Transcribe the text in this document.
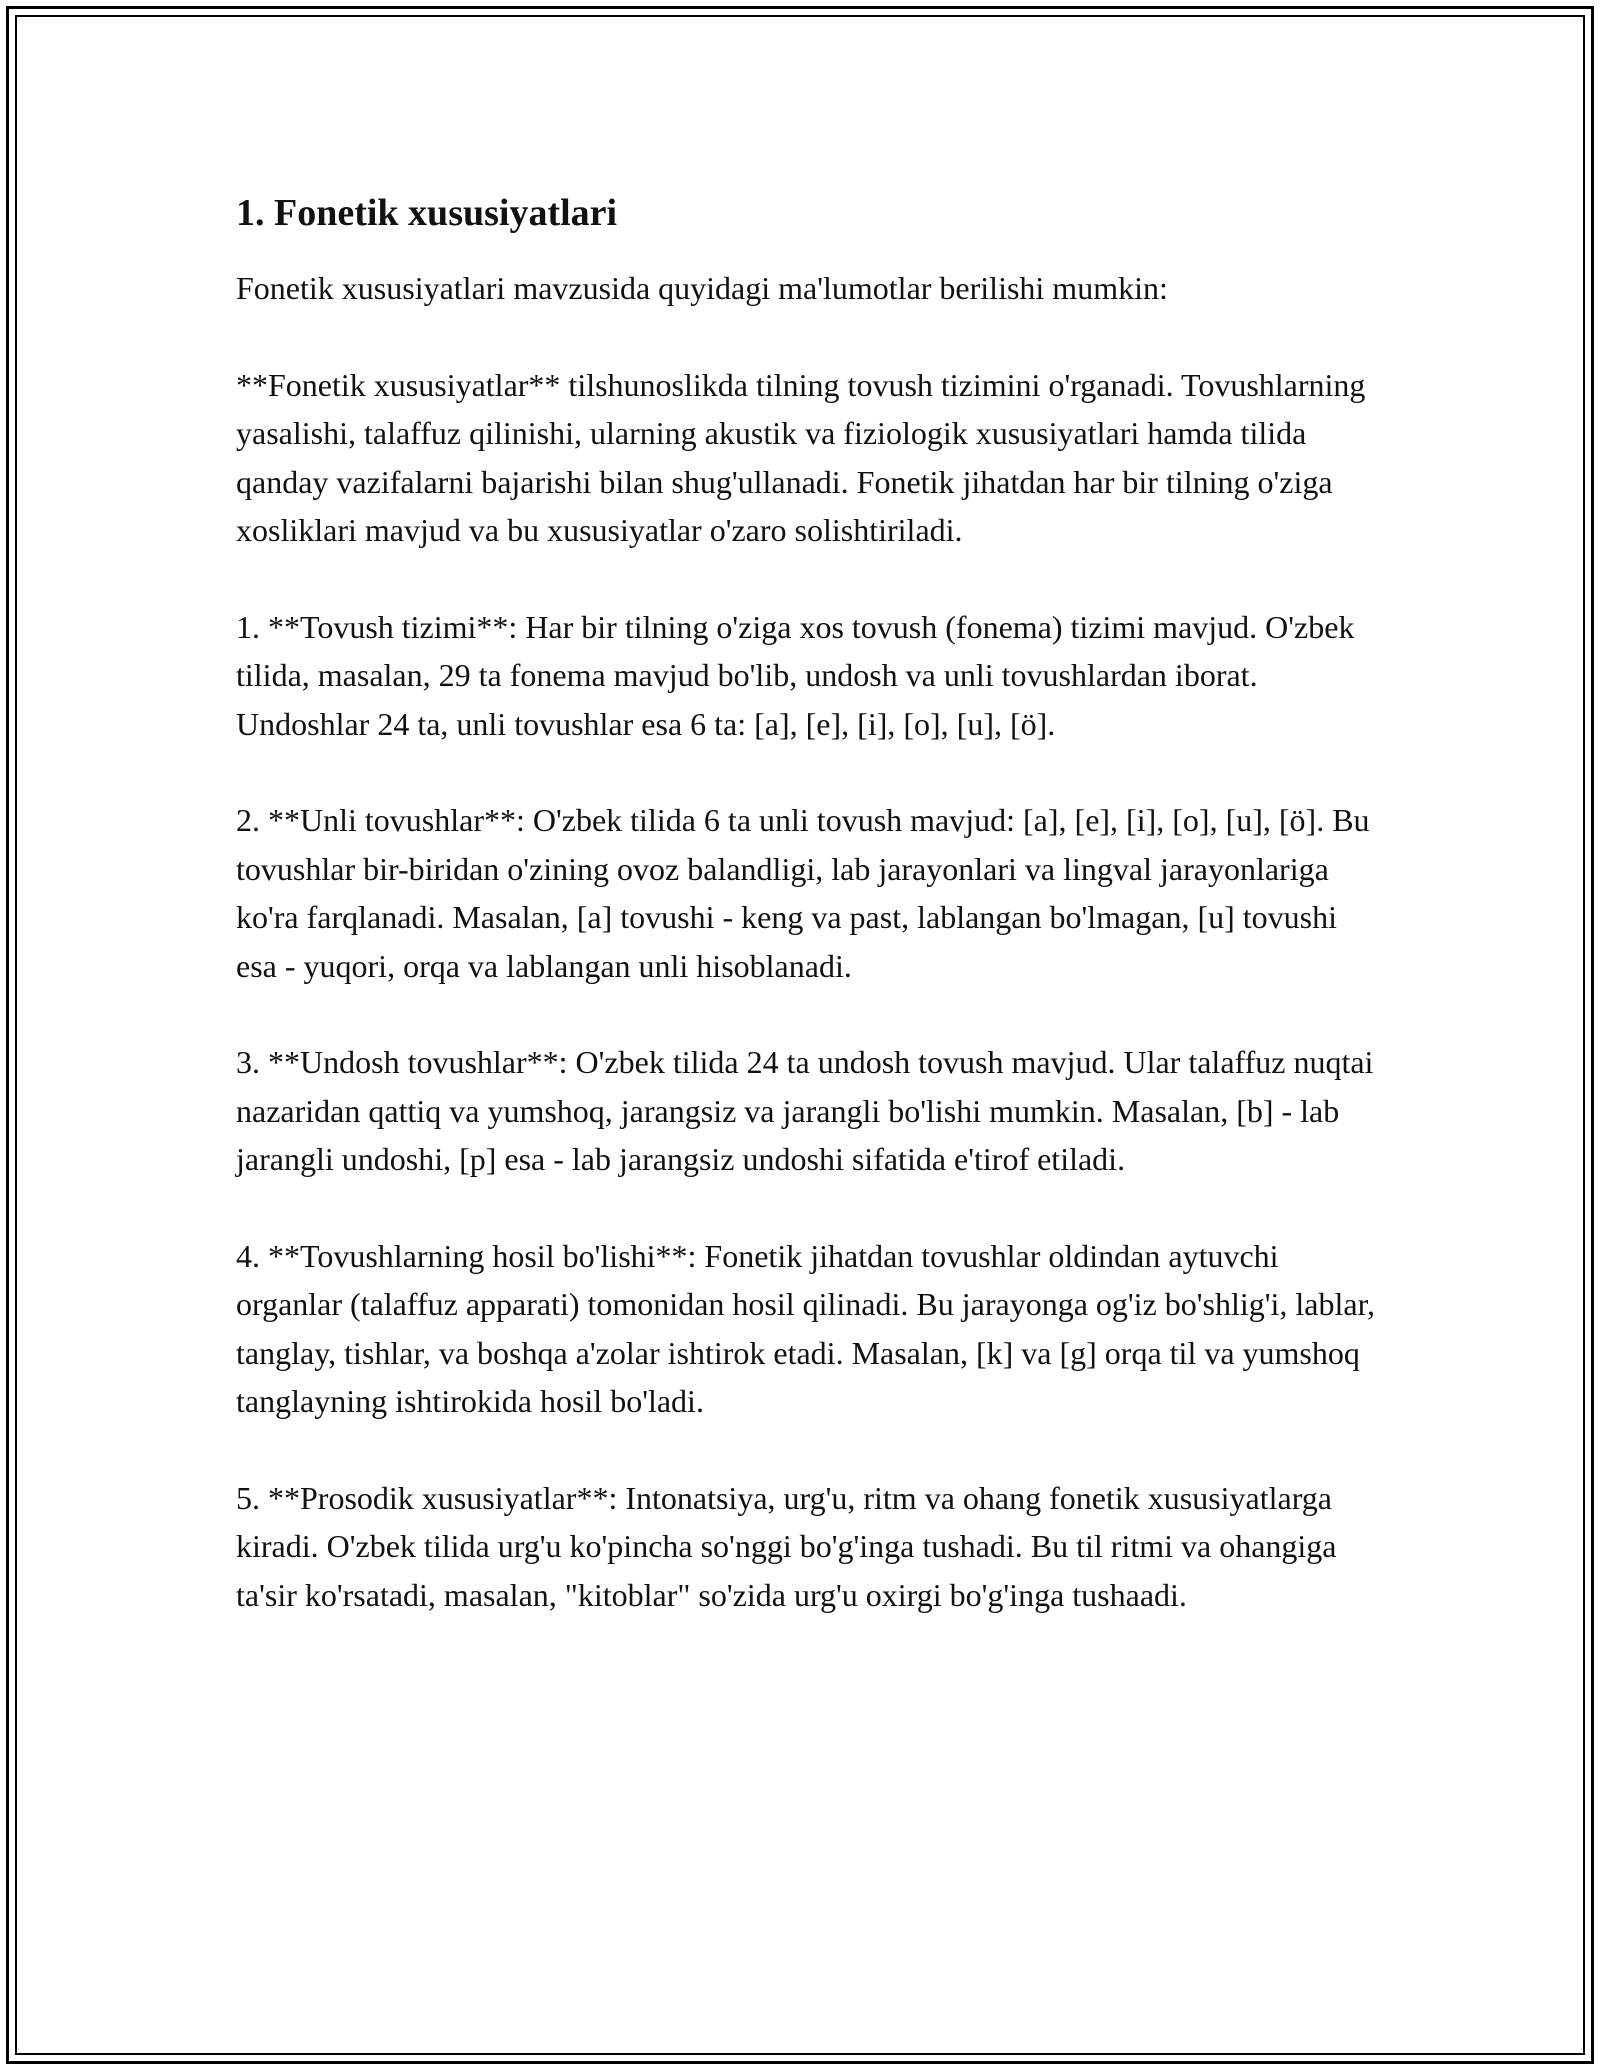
1. Fonetik xususiyatlari

Fonetik xususiyatlari mavzusida quyidagi ma'lumotlar berilishi mumkin:

**Fonetik xususiyatlar** tilshunoslikda tilning tovush tizimini o'rganadi. Tovushlarning yasalishi, talaffuz qilinishi, ularning akustik va fiziologik xususiyatlari hamda tilida qanday vazifalarni bajarishi bilan shug'ullanadi. Fonetik jihatdan har bir tilning o'ziga xosliklari mavjud va bu xususiyatlar o'zaro solishtiriladi.

1. **Tovush tizimi**: Har bir tilning o'ziga xos tovush (fonema) tizimi mavjud. O'zbek tilida, masalan, 29 ta fonema mavjud bo'lib, undosh va unli tovushlardan iborat. Undoshlar 24 ta, unli tovushlar esa 6 ta: [a], [e], [i], [o], [u], [ö].

2. **Unli tovushlar**: O'zbek tilida 6 ta unli tovush mavjud: [a], [e], [i], [o], [u], [ö]. Bu tovushlar bir-biridan o'zining ovoz balandligi, lab jarayonlari va lingval jarayonlariga ko'ra farqlanadi. Masalan, [a] tovushi - keng va past, lablangan bo'lmagan, [u] tovushi esa - yuqori, orqa va lablangan unli hisoblanadi.

3. **Undosh tovushlar**: O'zbek tilida 24 ta undosh tovush mavjud. Ular talaffuz nuqtai nazaridan qattiq va yumshoq, jarangsiz va jarangli bo'lishi mumkin. Masalan, [b] - lab jarangli undoshi, [p] esa - lab jarangsiz undoshi sifatida e'tirof etiladi.

4. **Tovushlarning hosil bo'lishi**: Fonetik jihatdan tovushlar oldindan aytuvchi organlar (talaffuz apparati) tomonidan hosil qilinadi. Bu jarayonga og'iz bo'shlig'i, lablar, tanglay, tishlar, va boshqa a'zolar ishtirok etadi. Masalan, [k] va [g] orqa til va yumshoq tanglayning ishtirokida hosil bo'ladi.

5. **Prosodik xususiyatlar**: Intonatsiya, urg'u, ritm va ohang fonetik xususiyatlarga kiradi. O'zbek tilida urg'u ko'pincha so'nggi bo'g'inga tushadi. Bu til ritmi va ohangiga ta'sir ko'rsatadi, masalan, "kitoblar" so'zida urg'u oxirgi bo'g'inga tushaadi.
